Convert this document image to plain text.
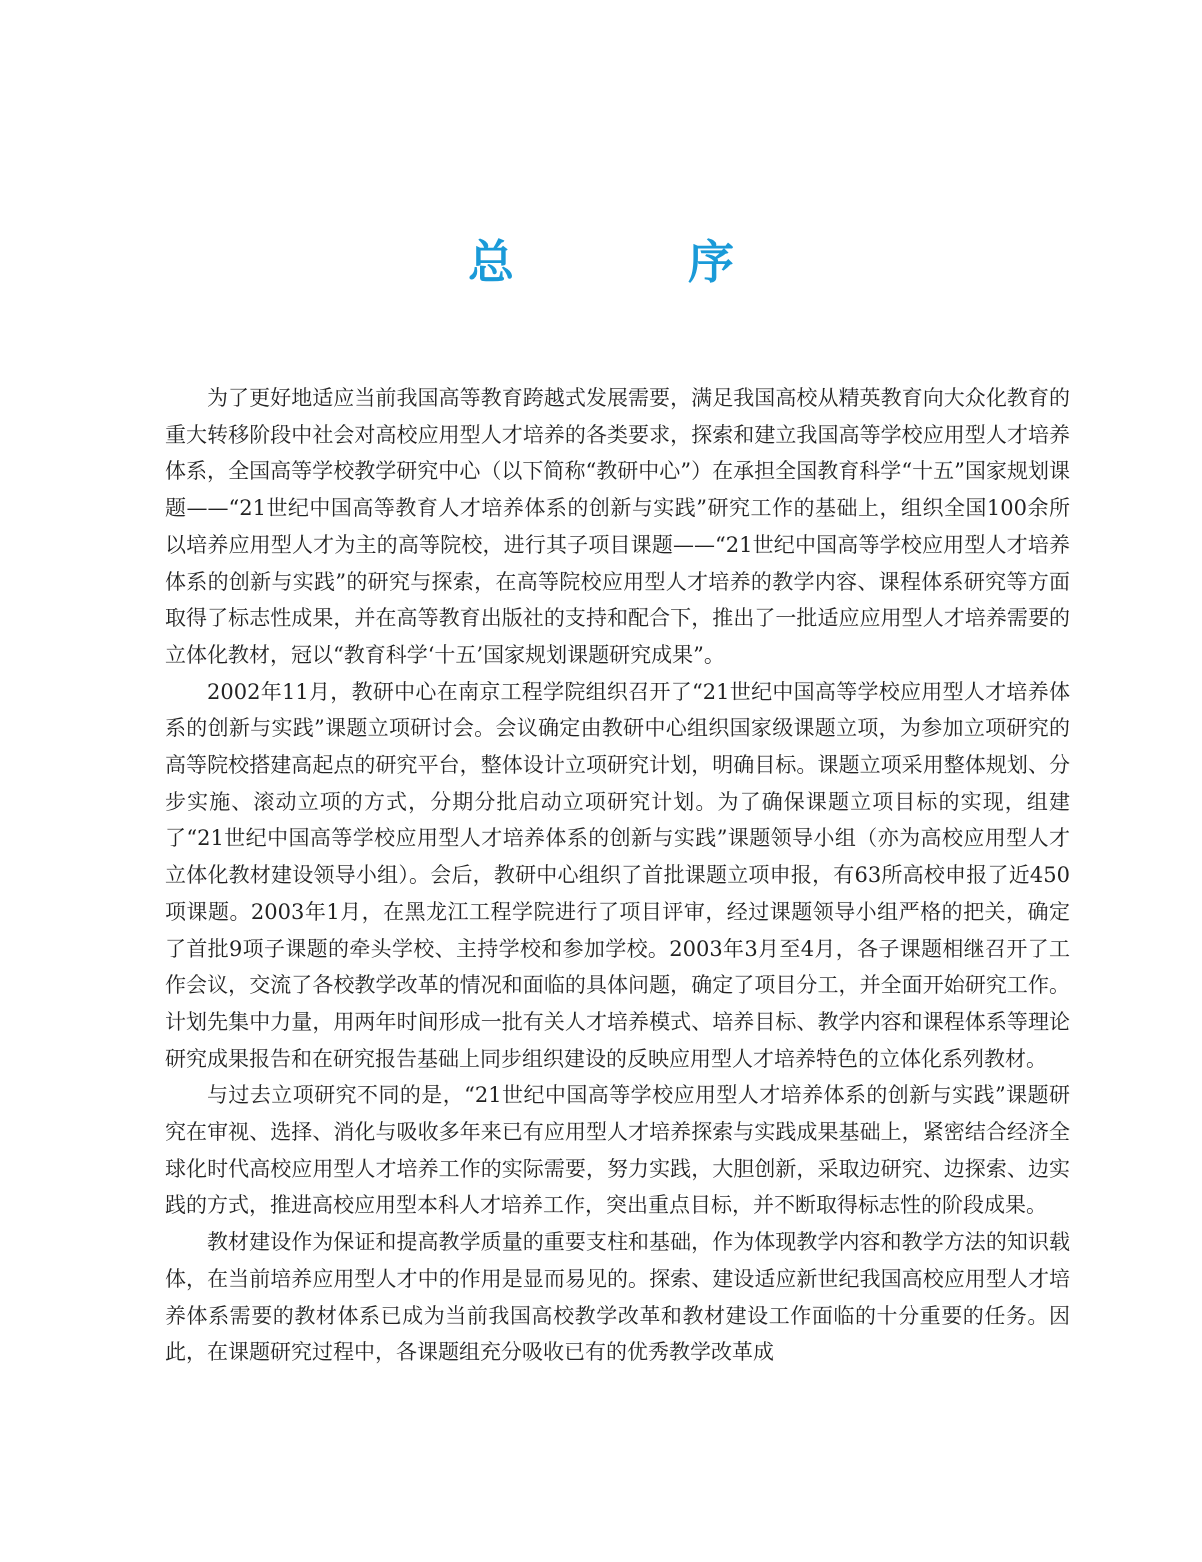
总　序

为了更好地适应当前我国高等教育跨越式发展需要，满足我国高校从精英教育向大众化教育的重大转移阶段中社会对高校应用型人才培养的各类要求，探索和建立我国高等学校应用型人才培养体系，全国高等学校教学研究中心（以下简称“教研中心”）在承担全国教育科学“十五”国家规划课题——“21世纪中国高等教育人才培养体系的创新与实践”研究工作的基础上，组织全国100余所以培养应用型人才为主的高等院校，进行其子项目课题——“21世纪中国高等学校应用型人才培养体系的创新与实践”的研究与探索，在高等院校应用型人才培养的教学内容、课程体系研究等方面取得了标志性成果，并在高等教育出版社的支持和配合下，推出了一批适应应用型人才培养需要的立体化教材，冠以“教育科学‘十五’国家规划课题研究成果”。

2002年11月，教研中心在南京工程学院组织召开了“21世纪中国高等学校应用型人才培养体系的创新与实践”课题立项研讨会。会议确定由教研中心组织国家级课题立项，为参加立项研究的高等院校搭建高起点的研究平台，整体设计立项研究计划，明确目标。课题立项采用整体规划、分步实施、滚动立项的方式，分期分批启动立项研究计划。为了确保课题立项目标的实现，组建了“21世纪中国高等学校应用型人才培养体系的创新与实践”课题领导小组（亦为高校应用型人才立体化教材建设领导小组）。会后，教研中心组织了首批课题立项申报，有63所高校申报了近450项课题。2003年1月，在黑龙江工程学院进行了项目评审，经过课题领导小组严格的把关，确定了首批9项子课题的牵头学校、主持学校和参加学校。2003年3月至4月，各子课题相继召开了工作会议，交流了各校教学改革的情况和面临的具体问题，确定了项目分工，并全面开始研究工作。计划先集中力量，用两年时间形成一批有关人才培养模式、培养目标、教学内容和课程体系等理论研究成果报告和在研究报告基础上同步组织建设的反映应用型人才培养特色的立体化系列教材。

与过去立项研究不同的是，“21世纪中国高等学校应用型人才培养体系的创新与实践”课题研究在审视、选择、消化与吸收多年来已有应用型人才培养探索与实践成果基础上，紧密结合经济全球化时代高校应用型人才培养工作的实际需要，努力实践，大胆创新，采取边研究、边探索、边实践的方式，推进高校应用型本科人才培养工作，突出重点目标，并不断取得标志性的阶段成果。

教材建设作为保证和提高教学质量的重要支柱和基础，作为体现教学内容和教学方法的知识载体，在当前培养应用型人才中的作用是显而易见的。探索、建设适应新世纪我国高校应用型人才培养体系需要的教材体系已成为当前我国高校教学改革和教材建设工作面临的十分重要的任务。因此，在课题研究过程中，各课题组充分吸收已有的优秀教学改革成
